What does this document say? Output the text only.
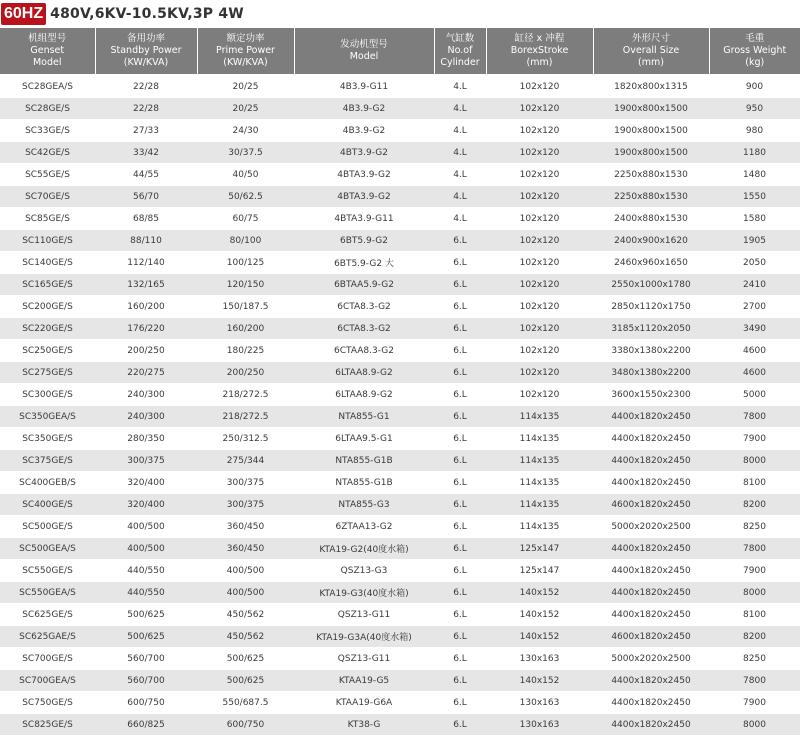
60HZ 480V,6KV-10.5KV,3P 4W
机组型号
Genset
Model	备用功率
Standby Power
(KW/KVA)	额定功率
Prime Power
(KW/KVA)	发动机型号
Model	气缸数
No.of
Cylinder	缸径 x 冲程
BorexStroke
(mm)	外形尺寸
Overall Size
(mm)	毛重
Gross Weight
(kg)

SC28GEA/S	22/28	20/25	4B3.9-G11	4.L	102x120	1820x800x1315	900
SC28GE/S	22/28	20/25	4B3.9-G2	4.L	102x120	1900x800x1500	950
SC33GE/S	27/33	24/30	4B3.9-G2	4.L	102x120	1900x800x1500	980
SC42GE/S	33/42	30/37.5	4BT3.9-G2	4.L	102x120	1900x800x1500	1180
SC55GE/S	44/55	40/50	4BTA3.9-G2	4.L	102x120	2250x880x1530	1480
SC70GE/S	56/70	50/62.5	4BTA3.9-G2	4.L	102x120	2250x880x1530	1550
SC85GE/S	68/85	60/75	4BTA3.9-G11	4.L	102x120	2400x880x1530	1580
SC110GE/S	88/110	80/100	6BT5.9-G2	6.L	102x120	2400x900x1620	1905
SC140GE/S	112/140	100/125	6BT5.9-G2 大	6.L	102x120	2460x960x1650	2050
SC165GE/S	132/165	120/150	6BTAA5.9-G2	6.L	102x120	2550x1000x1780	2410
SC200GE/S	160/200	150/187.5	6CTA8.3-G2	6.L	102x120	2850x1120x1750	2700
SC220GE/S	176/220	160/200	6CTA8.3-G2	6.L	102x120	3185x1120x2050	3490
SC250GE/S	200/250	180/225	6CTAA8.3-G2	6.L	102x120	3380x1380x2200	4600
SC275GE/S	220/275	200/250	6LTAA8.9-G2	6.L	102x120	3480x1380x2200	4600
SC300GE/S	240/300	218/272.5	6LTAA8.9-G2	6.L	102x120	3600x1550x2300	5000
SC350GEA/S	240/300	218/272.5	NTA855-G1	6.L	114x135	4400x1820x2450	7800
SC350GE/S	280/350	250/312.5	6LTAA9.5-G1	6.L	114x135	4400x1820x2450	7900
SC375GE/S	300/375	275/344	NTA855-G1B	6.L	114x135	4400x1820x2450	8000
SC400GEB/S	320/400	300/375	NTA855-G1B	6.L	114x135	4400x1820x2450	8100
SC400GE/S	320/400	300/375	NTA855-G3	6.L	114x135	4600x1820x2450	8200
SC500GE/S	400/500	360/450	6ZTAA13-G2	6.L	114x135	5000x2020x2500	8250
SC500GEA/S	400/500	360/450	KTA19-G2(40度水箱)	6.L	125x147	4400x1820x2450	7800
SC550GE/S	440/550	400/500	QSZ13-G3	6.L	125x147	4400x1820x2450	7900
SC550GEA/S	440/550	400/500	KTA19-G3(40度水箱)	6.L	140x152	4400x1820x2450	8000
SC625GE/S	500/625	450/562	QSZ13-G11	6.L	140x152	4400x1820x2450	8100
SC625GAE/S	500/625	450/562	KTA19-G3A(40度水箱)	6.L	140x152	4600x1820x2450	8200
SC700GE/S	560/700	500/625	QSZ13-G11	6.L	130x163	5000x2020x2500	8250
SC700GEA/S	560/700	500/625	KTAA19-G5	6.L	140x152	4400x1820x2450	7800
SC750GE/S	600/750	550/687.5	KTAA19-G6A	6.L	130x163	4400x1820x2450	7900
SC825GE/S	660/825	600/750	KT38-G	6.L	130x163	4400x1820x2450	8000
